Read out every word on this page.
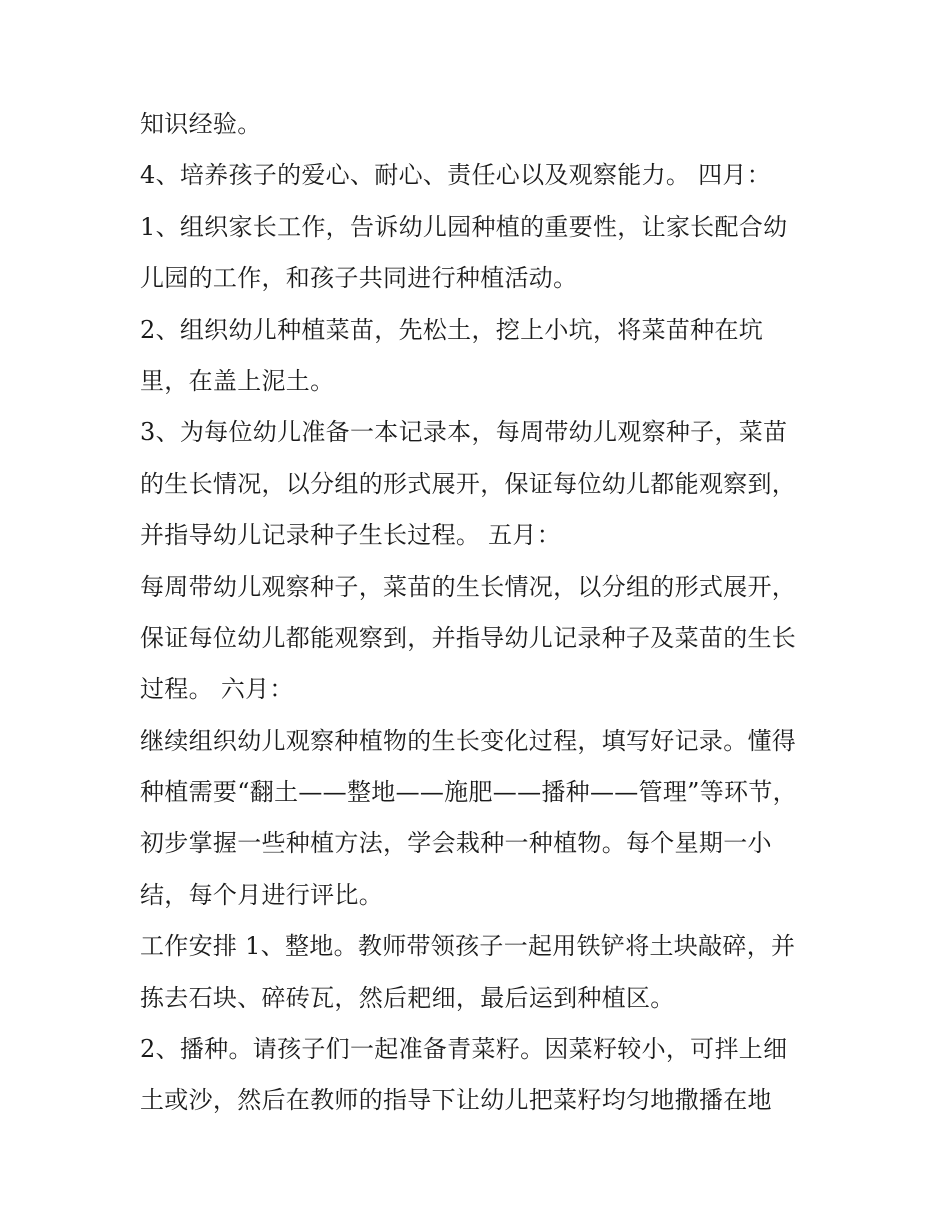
知识经验。
4、培养孩子的爱心、耐心、责任心以及观察能力。 四月：
1、组织家长工作，告诉幼儿园种植的重要性，让家长配合幼
儿园的工作，和孩子共同进行种植活动。
2、组织幼儿种植菜苗，先松土，挖上小坑，将菜苗种在坑
里，在盖上泥土。
3、为每位幼儿准备一本记录本，每周带幼儿观察种子，菜苗
的生长情况，以分组的形式展开，保证每位幼儿都能观察到，
并指导幼儿记录种子生长过程。 五月：
每周带幼儿观察种子，菜苗的生长情况，以分组的形式展开，
保证每位幼儿都能观察到，并指导幼儿记录种子及菜苗的生长
过程。 六月：
继续组织幼儿观察种植物的生长变化过程，填写好记录。懂得
种植需要“翻土——整地——施肥——播种——管理”等环节，
初步掌握一些种植方法，学会栽种一种植物。每个星期一小
结，每个月进行评比。
工作安排 1、整地。教师带领孩子一起用铁铲将土块敲碎，并
拣去石块、碎砖瓦，然后耙细，最后运到种植区。
2、播种。请孩子们一起准备青菜籽。因菜籽较小，可拌上细
土或沙，然后在教师的指导下让幼儿把菜籽均匀地撒播在地
